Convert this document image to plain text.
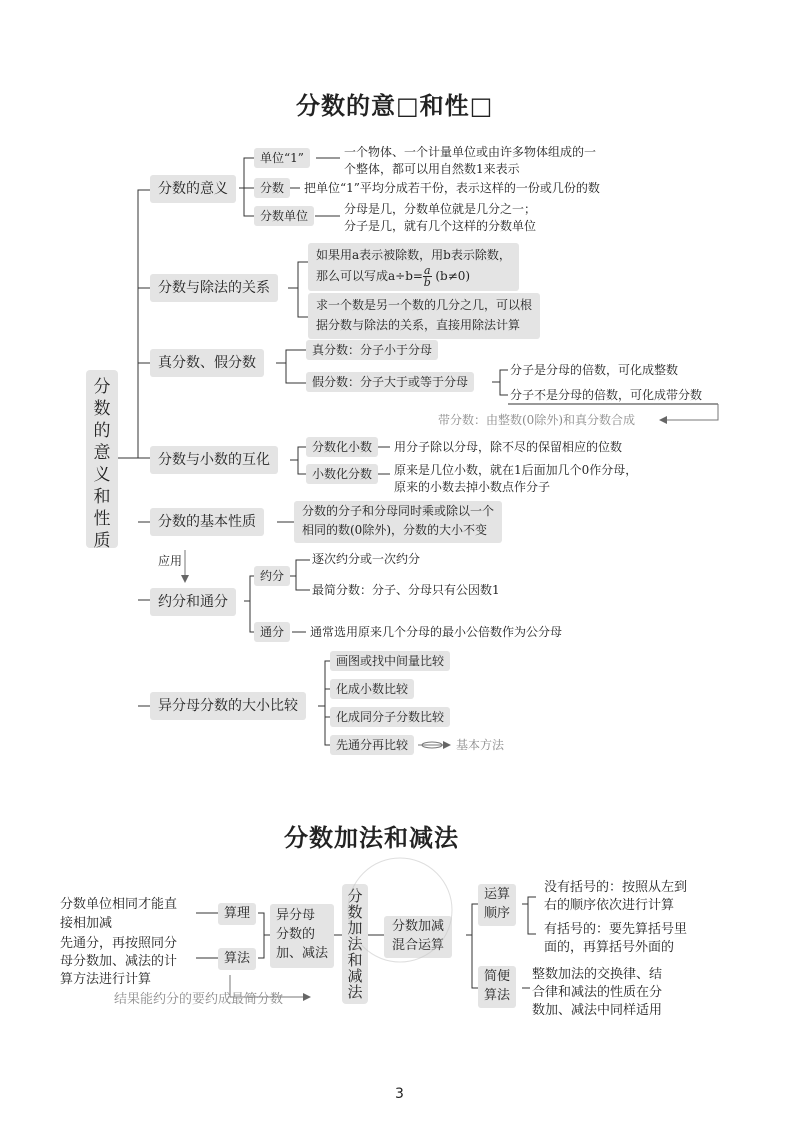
分数的意□和性□
分
数
的
意
义
和
性
质
分数的意义
单位“1”	一个物体、一个计量单位或由许多物体组成的一
个整体，都可以用自然数1来表示
分数	把单位“1”平均分成若干份，表示这样的一份或几份的数
分数单位	分母是几，分数单位就是几分之一；
分子是几，就有几个这样的分数单位
分数与除法的关系
如果用a表示被除数，用b表示除数，
那么可以写成$a\div b= \frac{a}{b} (b\ne 0)$
求一个数是另一个数的几分之几，可以根
据分数与除法的关系，直接用除法计算
真分数、假分数
真分数：分子小于分母
假分数：分子大于或等于分母
分子是分母的倍数，可化成整数
分子不是分母的倍数，可化成带分数
带分数：由整数(0除外)和真分数合成
分数与小数的互化
分数化小数	用分子除以分母，除不尽的保留相应的位数
小数化分数	原来是几位小数，就在1后面加几个0作分母，
原来的小数去掉小数点作分子
分数的基本性质
分数的分子和分母同时乘或除以一个
相同的数(0除外)，分数的大小不变
应用
约分和通分
约分
逐次约分或一次约分
最简分数：分子、分母只有公因数1
通分	通常选用原来几个分母的最小公倍数作为公分母
异分母分数的大小比较
画图或找中间量比较
化成小数比较
化成同分子分数比较
先通分再比较	基本方法
分数加法和减法
分
数
加
法
和
减
法
分数单位相同才能直
接相加减
算理
先通分，再按照同分
母分数加、减法的计
算方法进行计算
算法
异分母
分数的
加、减法
结果能约分的要约成最简分数
分数加减
混合运算
运算
顺序
没有括号的：按照从左到
右的顺序依次进行计算
有括号的：要先算括号里
面的，再算括号外面的
简便
算法
整数加法的交换律、结
合律和减法的性质在分
数加、减法中同样适用
3
